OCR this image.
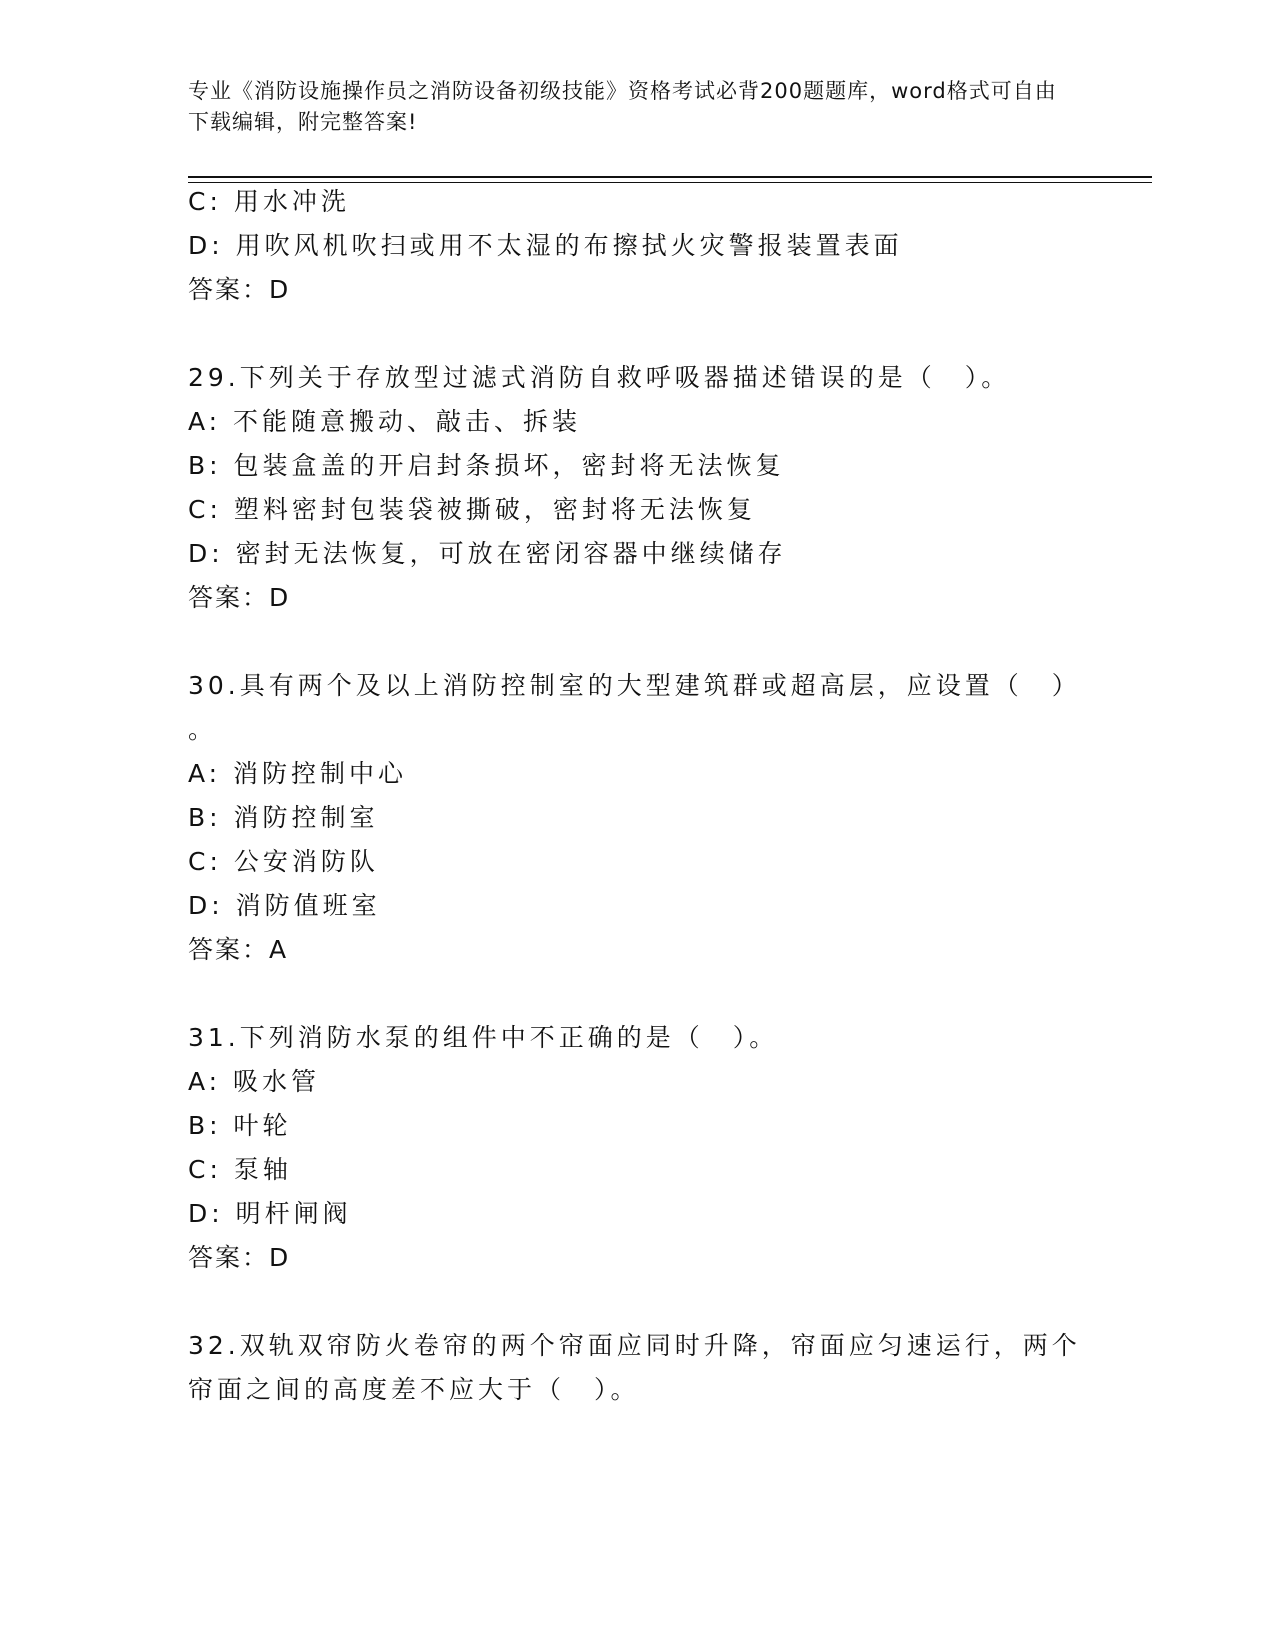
专业《消防设施操作员之消防设备初级技能》资格考试必背200题题库，word格式可自由下载编辑，附完整答案!
C: 用水冲洗
D: 用吹风机吹扫或用不太湿的布擦拭火灾警报装置表面
答案：D
29.下列关于存放型过滤式消防自救呼吸器描述错误的是（　）。
A: 不能随意搬动、敲击、拆装
B: 包装盒盖的开启封条损坏，密封将无法恢复
C: 塑料密封包装袋被撕破，密封将无法恢复
D: 密封无法恢复，可放在密闭容器中继续储存
答案：D
30.具有两个及以上消防控制室的大型建筑群或超高层，应设置（　）
。
A: 消防控制中心
B: 消防控制室
C: 公安消防队
D: 消防值班室
答案：A
31.下列消防水泵的组件中不正确的是（　）。
A: 吸水管
B: 叶轮
C: 泵轴
D: 明杆闸阀
答案：D
32.双轨双帘防火卷帘的两个帘面应同时升降，帘面应匀速运行，两个
帘面之间的高度差不应大于（　）。
